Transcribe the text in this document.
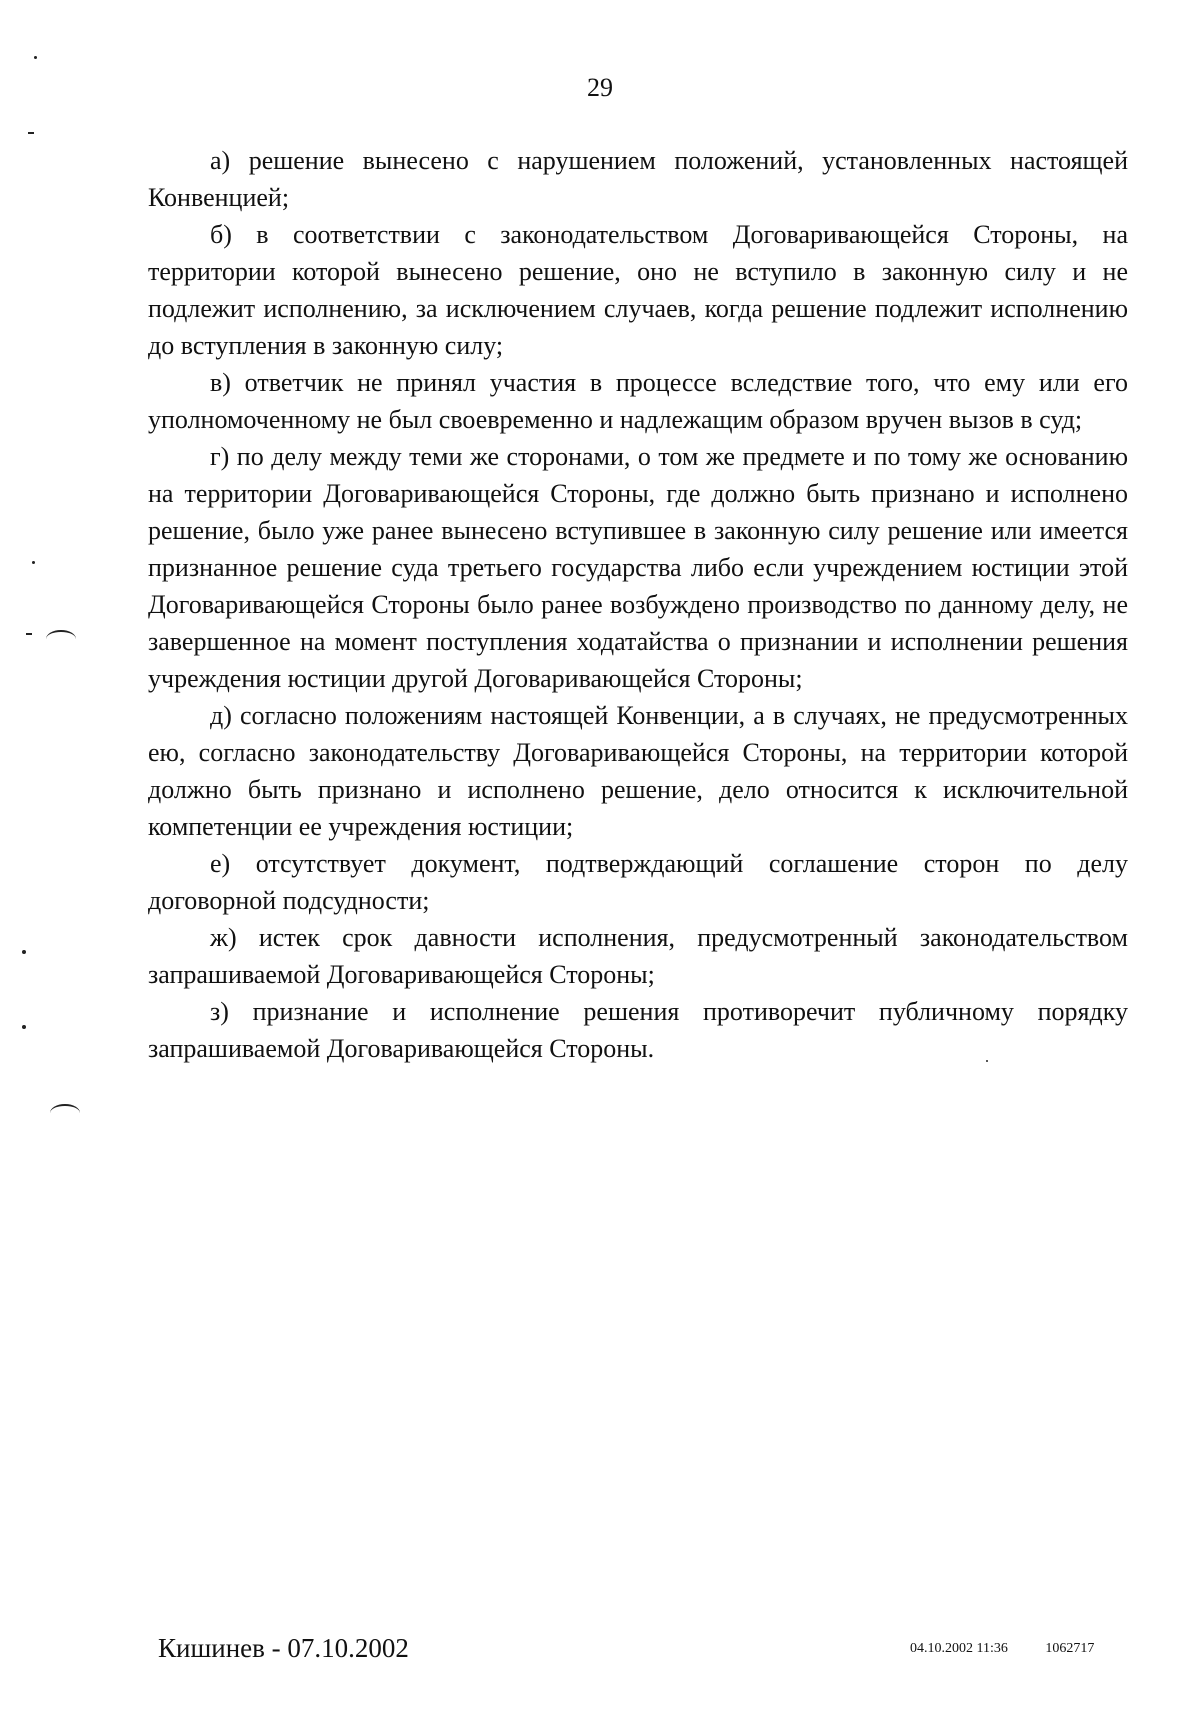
29

а) решение вынесено с нарушением положений, установленных настоящей Конвенцией;

б) в соответствии с законодательством Договаривающейся Стороны, на территории которой вынесено решение, оно не вступило в законную силу и не подлежит исполнению, за исключением случаев, когда решение подлежит исполнению до вступления в законную силу;

в) ответчик не принял участия в процессе вследствие того, что ему или его уполномоченному не был своевременно и надлежащим образом вручен вызов в суд;

г) по делу между теми же сторонами, о том же предмете и по тому же основанию на территории Договаривающейся Стороны, где должно быть признано и исполнено решение, было уже ранее вынесено вступившее в законную силу решение или имеется признанное решение суда третьего государства либо если учреждением юстиции этой Договаривающейся Стороны было ранее возбуждено производство по данному делу, не завершенное на момент поступления ходатайства о признании и исполнении решения учреждения юстиции другой Договаривающейся Стороны;

д) согласно положениям настоящей Конвенции, а в случаях, не предусмотренных ею, согласно законодательству Договаривающейся Стороны, на территории которой должно быть признано и исполнено решение, дело относится к исключительной компетенции ее учреждения юстиции;

е) отсутствует документ, подтверждающий соглашение сторон по делу договорной подсудности;

ж) истек срок давности исполнения, предусмотренный законодательством запрашиваемой Договаривающейся Стороны;

з) признание и исполнение решения противоречит публичному порядку запрашиваемой Договаривающейся Стороны.

Кишинев - 07.10.2002	04.10.2002 11:36	1062717
